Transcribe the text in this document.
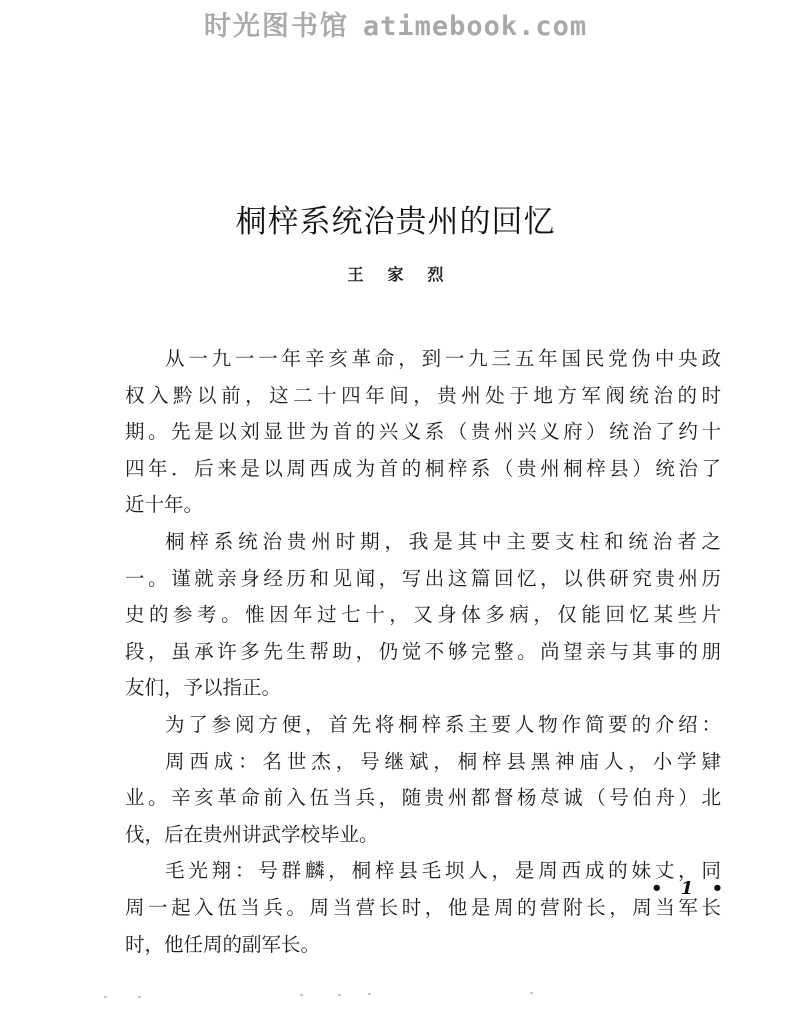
时光图书馆 atimebook.com
桐梓系统治贵州的回忆
王 家 烈
从一九一一年辛亥革命，到一九三五年国民党伪中央政
权入黔以前，这二十四年间，贵州处于地方军阀统治的时
期。先是以刘显世为首的兴义系（贵州兴义府）统治了约十
四年．后来是以周西成为首的桐梓系（贵州桐梓县）统治了
近十年。
桐梓系统治贵州时期，我是其中主要支柱和统治者之
一。谨就亲身经历和见闻，写出这篇回忆，以供研究贵州历
史的参考。惟因年过七十，又身体多病，仅能回忆某些片
段，虽承许多先生帮助，仍觉不够完整。尚望亲与其事的朋
友们，予以指正。
为了参阅方便，首先将桐梓系主要人物作简要的介绍：
周西成：名世杰，号继斌，桐梓县黑神庙人，小学肄
业。辛亥革命前入伍当兵，随贵州都督杨荩诚（号伯舟）北
伐，后在贵州讲武学校毕业。
毛光翔：号群麟，桐梓县毛坝人，是周西成的妹丈，同
周一起入伍当兵。周当营长时，他是周的营附长，周当军长
时，他任周的副军长。
• 1 •
